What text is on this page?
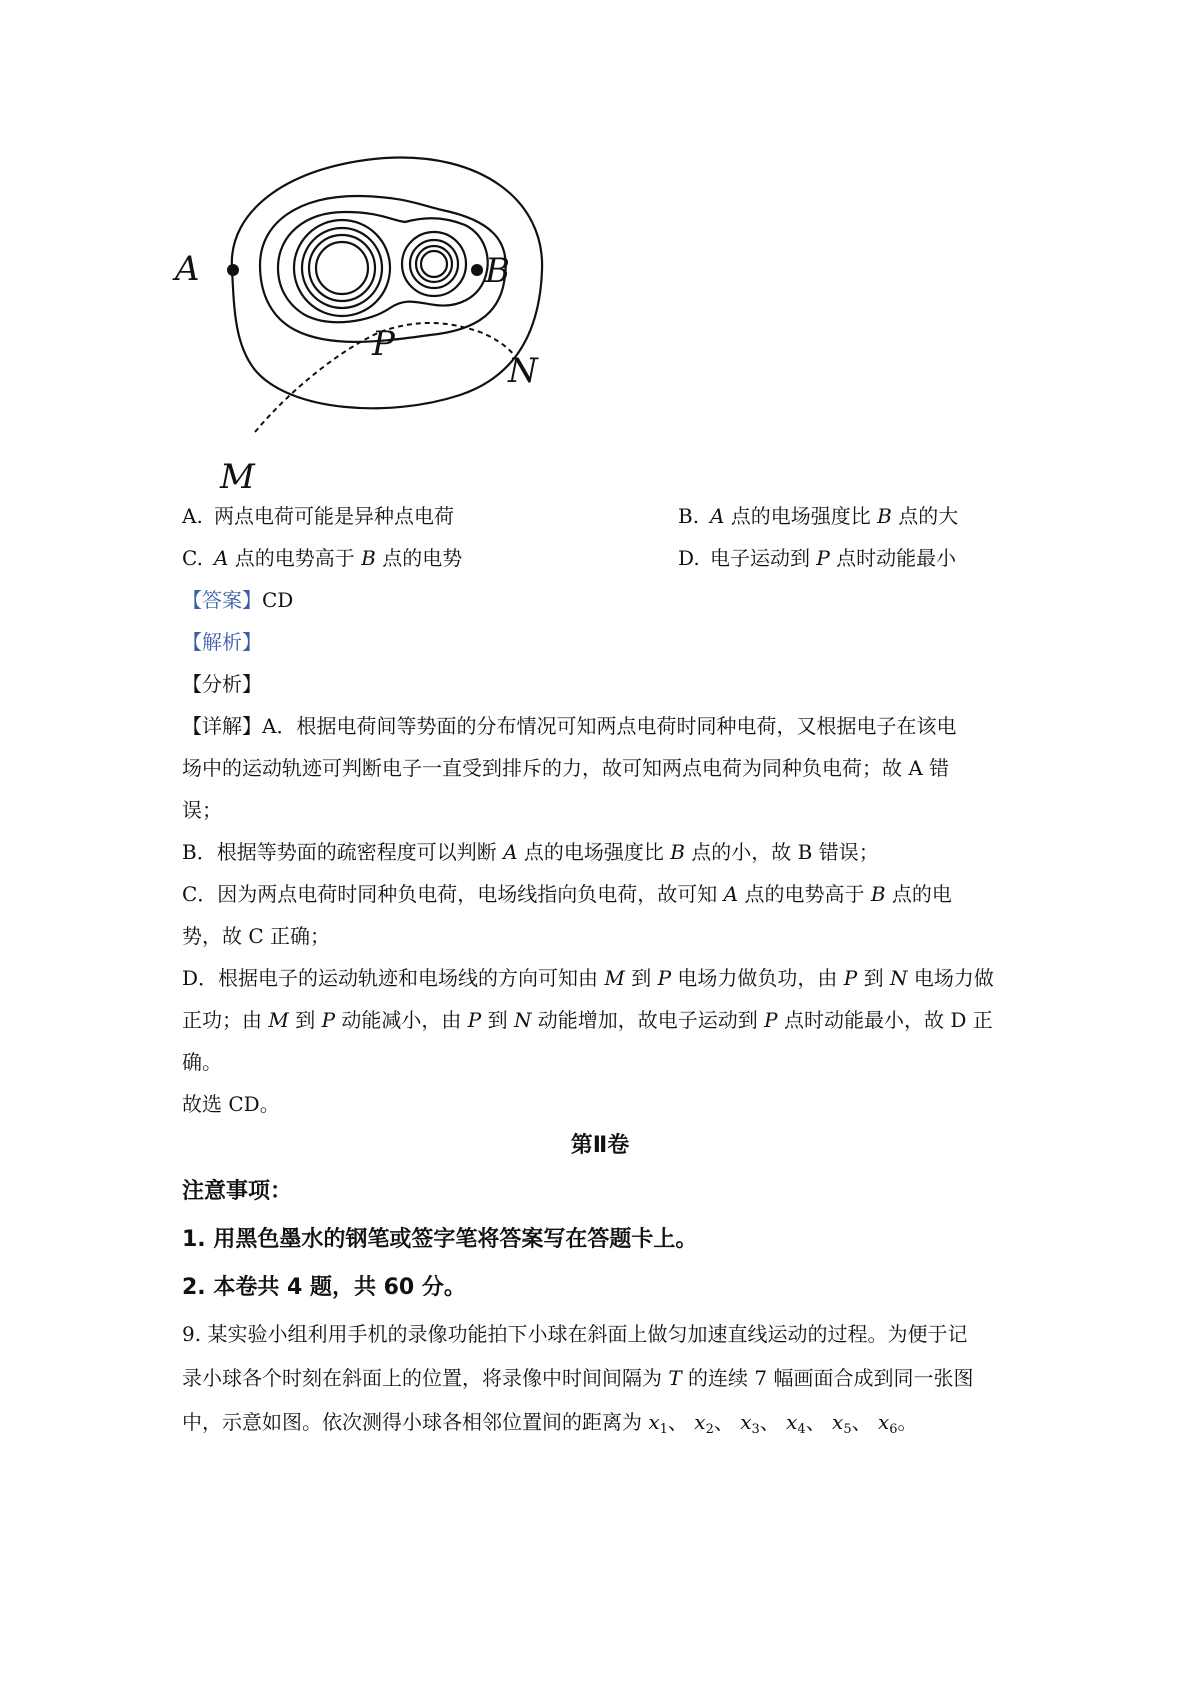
A	B
P
M
N
A. 两点电荷可能是异种点电荷	B. A 点的电场强度比 B 点的大
C. A 点的电势高于 B 点的电势	D. 电子运动到 P 点时动能最小
【答案】CD
【解析】
【分析】
【详解】A．根据电荷间等势面的分布情况可知两点电荷时同种电荷，又根据电子在该电
场中的运动轨迹可判断电子一直受到排斥的力，故可知两点电荷为同种负电荷；故 A 错
误；
B．根据等势面的疏密程度可以判断 A 点的电场强度比 B 点的小，故 B 错误；
C．因为两点电荷时同种负电荷，电场线指向负电荷，故可知 A 点的电势高于 B 点的电
势，故 C 正确；
D．根据电子的运动轨迹和电场线的方向可知由 M 到 P 电场力做负功，由 P 到 N 电场力做
正功；由 M 到 P 动能减小，由 P 到 N 动能增加，故电子运动到 P 点时动能最小，故 D 正
确。
故选 CD。
第Ⅱ卷
注意事项：
1. 用黑色墨水的钢笔或签字笔将答案写在答题卡上。
2. 本卷共 4 题，共 60 分。
9. 某实验小组利用手机的录像功能拍下小球在斜面上做匀加速直线运动的过程。为便于记
录小球各个时刻在斜面上的位置，将录像中时间间隔为 T 的连续 7 幅画面合成到同一张图
中，示意如图。依次测得小球各相邻位置间的距离为 $x_1$、 $x_2$、 $x_3$、 $x_4$、 $x_5$、 $x_6$。
